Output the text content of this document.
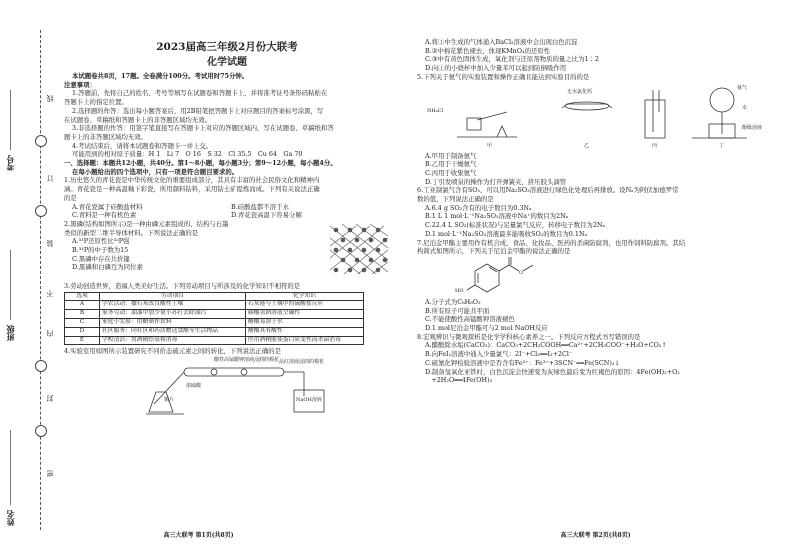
考号
班级
姓名
线
订
装
不
内
封
密

2023届高三年级2月份大联考

化学试题

本试题卷共8页，17题。全卷满分100分。考试用时75分钟。

注意事项：

1.答题前，先将自己的姓名、考号等填写在试题卷和答题卡上，并将准考证号条形码粘贴在

答题卡上的指定位置。

2.选择题的作答：选出每小题答案后，用2B铅笔把答题卡上对应题目的答案标号涂黑，写

在试题卷、草稿纸和答题卡上的非答题区域均无效。

3.非选择题的作答：用签字笔直接写在答题卡上对应的答题区域内，写在试题卷、草稿纸和答

题卡上的非答题区域均无效。

4.考试结束后，请将本试题卷和答题卡一并上交。

可能用到的相对原子质量：H 1　Li 7　O 16　S 32　Cl 35.5　Cu 64　Ga 70

一、选择题：本题共12小题，共40分。第1～8小题，每小题3分；第9～12小题，每小题4分。

在每小题给出的四个选项中，只有一项是符合题目要求的。

1.历史悠久的青花瓷是中华传统文化的重要组成部分，其具有丰富的社会民俗文化和精神内

涵。青花瓷是一种高温釉下彩瓷，所用颜料钴料，采用钴土矿提炼而成。下列有关说法正确

的是

A.青花瓷属于硅酸盐材料	B.硅酸盐都不溶于水
C.青料是一种有机色素	D.青花瓷高温下容易分解

2.黑磷(结构如图所示)是一种由磷元素组成的、结构与石墨

类似的新型二维半导体材料。下列说法正确的是

A.³¹P还原性比³²P强

B.³¹P的中子数为15

C.黑磷中存在共价键

D.黑磷和白磷互为同位素

3.劳动创造世界，造福人类美好生活。下列劳动项目与所涉及的化学知识不相符的是

选项	劳动项目	化学知识
A	学农活动：撒石灰改良酸性土壤	石灰能与土壤中的硫酸盐反应
B	家务劳动：油漆中加少量小苏打去除油污	碳酸氢钠溶液呈碱性
C	家庭小实验：用醋制作饮料	醋酸易溶于水
D	社区服务：向社区和药店赠送食醋等生活物品	醋酸具有酸性
E	学校清洁：用酒精给桌椅消毒	医用酒精能使蛋白质变性而杀菌消毒

4.实验室用如图所示装置研究不同价态硫元素之间的转化，下列说法正确的是

酸性高锰酸钾溶液浸润的棉花 品红溶液浸润的棉花
浓硫酸
铜片	NaOH溶液
高三大联考 第1页(共8页)

A.将①中生成的气体通入BaCl₂溶液中会出现白色沉淀

B.②中棉花紫色褪去，体现KMnO₄的还原性

C.③中有黄色固体生成，氧化剂与还原剂物质的量之比为1∶2

D.向①的小烧杯中加入少量苯可以起到防倒吸作用

5.下列关于氨气的实验装置和操作正确且能达到实验目的的是

NH₄Cl
无水氯化钙
氨气
水
酚酞溶液
甲	乙	丙	丁

A.甲用于制备氨气

B.乙用于干燥氨气

C.丙用于收集氨气

D.丁引发喷泉的操作为打开弹簧夹，挤压胶头滴管

6.工业制氯气含有SO₂，可以用Na₂SO₃溶液进行绿色化处理后再排放。设Nₐ为阿伏加德罗常

数的值，下列说法正确的是

A.6.4 g SO₂含有的电子数目为0.3Nₐ

B.1 L 1 mol·L⁻¹Na₂SO₃溶液中Na⁺的数目为2Nₐ

C.22.4 L SO₂(标准状况)与足量氯气反应，转移电子数目为2Nₐ

D.1 mol·L⁻¹Na₂SO₃溶液最多能吸收SO₂的数目为0.1Nₐ

7.尼泊金甲酯主要用作有机合成，食品、化妆品、医药的杀菌防腐剂，也用作饲料防腐剂。其结

构简式如图所示，下列关于尼泊金甲酯的说法正确的是

O
HO

A.分子式为C₈H₈O₃

B.所有原子可能共平面

C.不能使酸性高锰酸钾溶液褪色

D.1 mol尼泊金甲酯可与2 mol NaOH反应

8.宏观辨识与微观探析是化学学科核心素养之一。下列反应方程式书写错误的是

A.醋酸除水垢(CaCO₃)：CaCO₃+2CH₃COOH══Ca²⁺+2CH₃COO⁻+H₂O+CO₂↑

B.向FeI₂溶液中通入少量氯气：2I⁻+Cl₂══I₂+2Cl⁻

C.硫氰化钾检验溶液中是否含有Fe³⁺：Fe³⁺+3SCN⁻══Fe(SCN)₃↓

D.制备氢氧化亚铁时，白色沉淀会快速变为灰绿色最后变为红褐色的原因：4Fe(OH)₂+O₂

　+2H₂O══4Fe(OH)₃

高三大联考 第2页(共8页)
